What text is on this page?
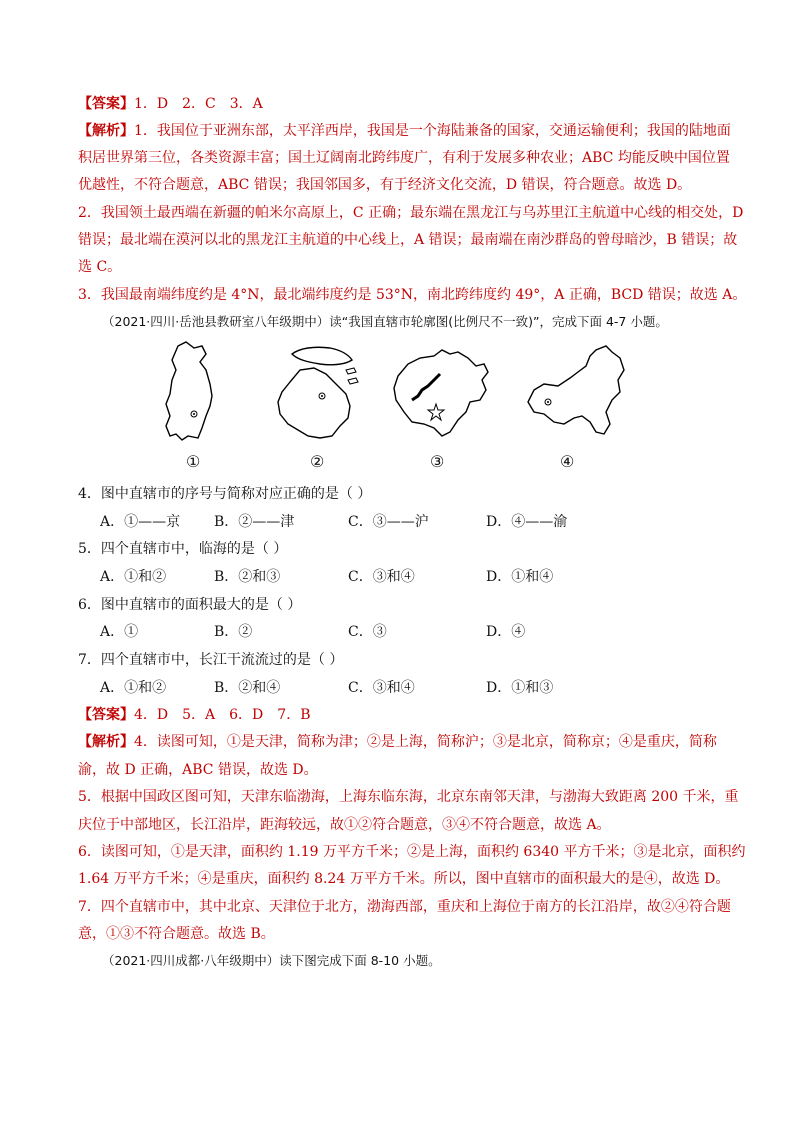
【答案】1．D　2．C　3．A
【解析】1．我国位于亚洲东部，太平洋西岸，我国是一个海陆兼备的国家，交通运输便利；我国的陆地面
积居世界第三位，各类资源丰富；国土辽阔南北跨纬度广，有利于发展多种农业；ABC 均能反映中国位置
优越性，不符合题意，ABC 错误；我国邻国多，有于经济文化交流，D 错误，符合题意。故选 D。
2．我国领土最西端在新疆的帕米尔高原上，C 正确；最东端在黑龙江与乌苏里江主航道中心线的相交处，D
错误；最北端在漠河以北的黑龙江主航道的中心线上，A 错误；最南端在南沙群岛的曾母暗沙，B 错误；故
选 C。
3．我国最南端纬度约是 4°N，最北端纬度约是 53°N，南北跨纬度约 49°，A 正确，BCD 错误；故选 A。
（2021·四川·岳池县教研室八年级期中）读“我国直辖市轮廓图(比例尺不一致)”，完成下面 4-7 小题。
①	②	③	④
4．图中直辖市的序号与简称对应正确的是（ ）
A．①——京 B．②——津	C．③——沪	D．④——渝
5．四个直辖市中，临海的是（ ）
A．①和②	B．②和③	C．③和④	D．①和④
6．图中直辖市的面积最大的是（ ）
A．①	B．②	C．③	D．④
7．四个直辖市中，长江干流流过的是（ ）
A．①和②	B．②和④	C．③和④	D．①和③
【答案】4．D　5．A　6．D　7．B
【解析】4．读图可知，①是天津，简称为津；②是上海，简称沪；③是北京，简称京；④是重庆，简称
渝，故 D 正确，ABC 错误，故选 D。
5．根据中国政区图可知，天津东临渤海，上海东临东海，北京东南邻天津，与渤海大致距离 200 千米，重
庆位于中部地区，长江沿岸，距海较远，故①②符合题意，③④不符合题意，故选 A。
6．读图可知，①是天津，面积约 1.19 万平方千米；②是上海，面积约 6340 平方千米；③是北京，面积约
1.64 万平方千米；④是重庆，面积约 8.24 万平方千米。所以，图中直辖市的面积最大的是④，故选 D。
7．四个直辖市中，其中北京、天津位于北方，渤海西部，重庆和上海位于南方的长江沿岸，故②④符合题
意，①③不符合题意。故选 B。
（2021·四川成都·八年级期中）读下图完成下面 8-10 小题。
